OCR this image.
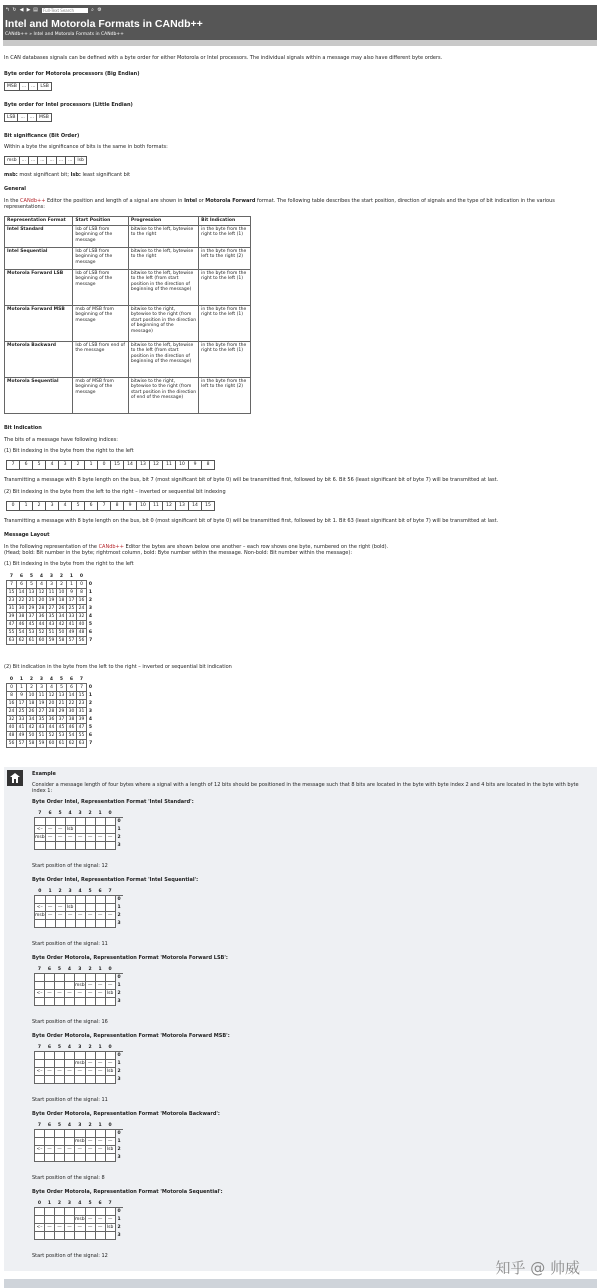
↰ ↻ ◀ ▶ ▤ Full-Text Search	⌕ ⚙
Intel and Motorola Formats in CANdb++
CANdb++ » Intel and Motorola Formats in CANdb++

In CAN databases signals can be defined with a byte order for either Motorola or Intel processors. The individual signals within a message may also have different byte orders.

Byte order for Motorola processors (Big Endian)

MSB	...	...	LSB

Byte order for Intel processors (Little Endian)

LSB	...	...	MSB

Bit significance (Bit Order)

Within a byte the significance of bits is the same in both formats:

msb	...	...	...	...	...	...	lsb

msb: most significant bit; lsb: least significant bit

General

In the CANdb++ Editor the position and length of a signal are shown in Intel or Motorola Forward format. The following table describes the start position, direction of signals and the type of bit indication in the various representations:

Representation Format	Start Position	Progression	Bit Indication
Intel Standard	lsb of LSB from beginning of the message	bitwise to the left, bytewise to the right	in the byte from the right to the left (1)
Intel Sequential	lsb of LSB from beginning of the message	bitwise to the left, bytewise to the right	in the byte from the left to the right (2)
Motorola Forward LSB	lsb of LSB from beginning of the message	bitwise to the left, bytewise to the left (from start position in the direction of beginning of the message)	in the byte from the right to the left (1)
Motorola Forward MSB	msb of MSB from beginning of the message	bitwise to the right, bytewise to the right (from start position in the direction of beginning of the message)	in the byte from the right to the left (1)
Motorola Backward	lsb of LSB from end of the message	bitwise to the left, bytewise to the left (from start position in the direction of beginning of the message)	in the byte from the right to the left (1)
Motorola Sequential	msb of MSB from beginning of the message	bitwise to the right, bytewise to the right (from start position in the direction of end of the message)	in the byte from the left to the right (2)

Bit Indication

The bits of a message have following indices:

(1) Bit indexing in the byte from the right to the left

7	6	5	4	3	2	1	0	15	14	13	12	11	10	9	8

Transmitting a message with 8 byte length on the bus, bit 7 (most significant bit of byte 0) will be transmitted first, followed by bit 6. Bit 56 (least significant bit of byte 7) will be transmitted at last.

(2) Bit indexing in the byte from the left to the right – inverted or sequential bit indexing

0	1	2	3	4	5	6	7	8	9	10	11	12	13	14	15

Transmitting a message with 8 byte length on the bus, bit 0 (most significant bit of byte 0) will be transmitted first, followed by bit 1. Bit 63 (least significant bit of byte 7) will be transmitted at last.

Message Layout

In the following representation of the CANdb++ Editor the bytes are shown below one another – each row shows one byte, numbered on the right (bold).

(Head; bold: Bit number in the byte; rightmost column, bold: Byte number within the message. Non-bold: Bit number within the message):

(1) Bit indexing in the byte from the right to the left

7	6	5	4	3	2	1	0	
7	6	5	4	3	2	1	0	0
15	14	13	12	11	10	9	8	1
23	22	21	20	19	18	17	16	2
31	30	29	28	27	26	25	24	3
39	38	37	36	35	34	33	32	4
47	46	45	44	43	42	41	40	5
55	54	53	52	51	50	49	48	6
63	62	61	60	59	58	57	56	7

(2) Bit indication in the byte from the left to the right – inverted or sequential bit indication

0	1	2	3	4	5	6	7	
0	1	2	3	4	5	6	7	0
8	9	10	11	12	13	14	15	1
16	17	18	19	20	21	22	23	2
24	25	26	27	28	29	30	31	3
32	33	34	35	36	37	38	39	4
40	41	42	43	44	45	46	47	5
48	49	50	51	52	53	54	55	6
56	57	58	59	60	61	62	63	7

Example

Consider a message length of four bytes where a signal with a length of 12 bits should be positioned in the message such that 8 bits are located in the byte with byte index 2 and 4 bits are located in the byte with byte index 1:

Byte Order Intel, Representation Format 'Intel Standard':

7	6	5	4	3	2	1	0	
								0
<–	—	—	lsb					1
msb	—	—	—	—	—	—	—	2
								3

Start position of the signal: 12

Byte Order Intel, Representation Format 'Intel Sequential':

0	1	2	3	4	5	6	7	
								0
<–	—	—	lsb					1
msb	—	—	—	—	—	—	—	2
								3

Start position of the signal: 11

Byte Order Motorola, Representation Format 'Motorola Forward LSB':

7	6	5	4	3	2	1	0	
								0
				msb	—	—	—	1
<–	—	—	—	—	—	—	lsb	2
								3

Start position of the signal: 16

Byte Order Motorola, Representation Format 'Motorola Forward MSB':

7	6	5	4	3	2	1	0	
								0
				msb	—	—	—	1
<–	—	—	—	—	—	—	lsb	2
								3

Start position of the signal: 11

Byte Order Motorola, Representation Format 'Motorola Backward':

7	6	5	4	3	2	1	0	
								0
				msb	—	—	—	1
<–	—	—	—	—	—	—	lsb	2
								3

Start position of the signal: 8

Byte Order Motorola, Representation Format 'Motorola Sequential':

0	1	2	3	4	5	6	7	
								0
				msb	—	—	—	1
<–	—	—	—	—	—	—	lsb	2
								3

Start position of the signal: 12

知乎 @ 帅威
